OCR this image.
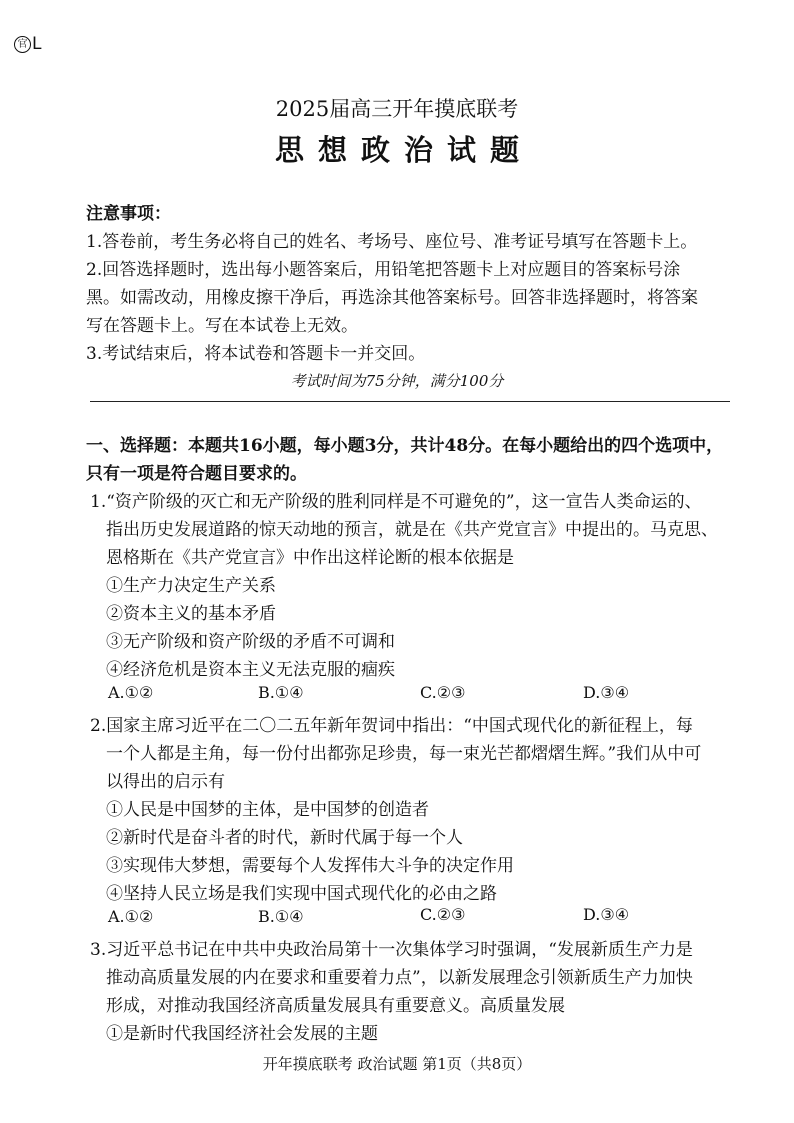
官 L
2025届高三开年摸底联考
思想政治试题
注意事项：
1.答卷前，考生务必将自己的姓名、考场号、座位号、准考证号填写在答题卡上。
2.回答选择题时，选出每小题答案后，用铅笔把答题卡上对应题目的答案标号涂
黑。如需改动，用橡皮擦干净后，再选涂其他答案标号。回答非选择题时，将答案
写在答题卡上。写在本试卷上无效。
3.考试结束后，将本试卷和答题卡一并交回。
考试时间为75分钟，满分100分
一、选择题：本题共16小题，每小题3分，共计48分。在每小题给出的四个选项中，
只有一项是符合题目要求的。
1.“资产阶级的灭亡和无产阶级的胜利同样是不可避免的”，这一宣告人类命运的、
指出历史发展道路的惊天动地的预言，就是在《共产党宣言》中提出的。马克思、
恩格斯在《共产党宣言》中作出这样论断的根本依据是
①生产力决定生产关系
②资本主义的基本矛盾
③无产阶级和资产阶级的矛盾不可调和
④经济危机是资本主义无法克服的痼疾
A.①②	B.①④	C.②③	D.③④
2.国家主席习近平在二〇二五年新年贺词中指出：“中国式现代化的新征程上，每
一个人都是主角，每一份付出都弥足珍贵，每一束光芒都熠熠生辉。”我们从中可
以得出的启示有
①人民是中国梦的主体，是中国梦的创造者
②新时代是奋斗者的时代，新时代属于每一个人
③实现伟大梦想，需要每个人发挥伟大斗争的决定作用
④坚持人民立场是我们实现中国式现代化的必由之路
A.①②	B.①④	C.②③	D.③④
3.习近平总书记在中共中央政治局第十一次集体学习时强调，“发展新质生产力是
推动高质量发展的内在要求和重要着力点”，以新发展理念引领新质生产力加快
形成，对推动我国经济高质量发展具有重要意义。高质量发展
①是新时代我国经济社会发展的主题
开年摸底联考 政治试题 第1页（共8页）
